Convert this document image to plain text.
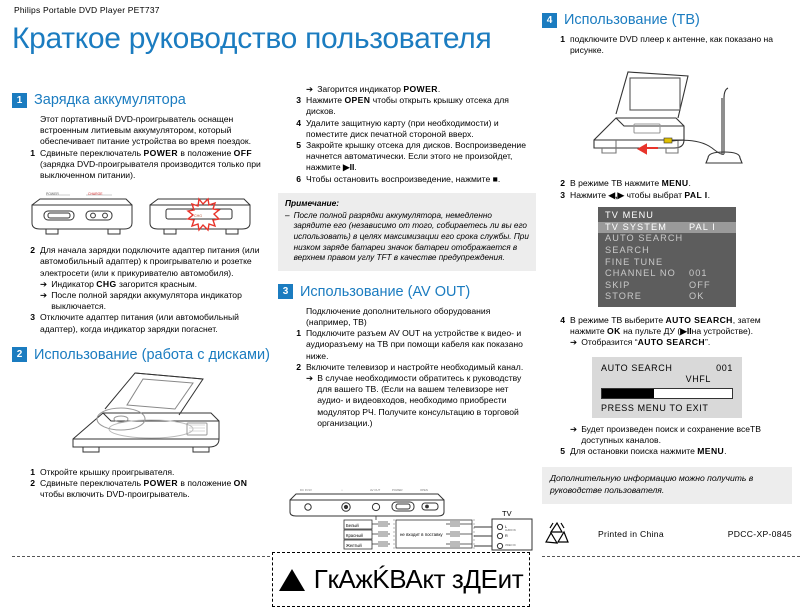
Philips Portable DVD Player PET737
Краткое руководство пользователя
1 Зарядка аккумулятора
Этот портативный DVD-проигрыватель оснащен встроенным литиевым аккумулятором, который обеспечивает питание устройства во время поездок.
1 Сдвиньте переключатель POWER в положение OFF (зарядка DVD-проигрывателя производится только при выключенном питании).
POWER	CHARGE
CHG
2 Для начала зарядки подключите адаптер питания (или автомобильный адаптер) к проигрывателю и розетке электросети (или к прикуривателю автомобиля).
➔ Индикатор CHG загорится красным.
➔ После полной зарядки аккумулятора индикатор выключается.
3 Отключите адаптер питания (или автомобильный адаптер), когда индикатор зарядки погаснет.
2 Использование (работа с дисками)
1 Откройте крышку проигрывателя.
2 Сдвиньте переключатель POWER в положение ON чтобы включить DVD-проигрыватель.
➔ Загорится индикатор POWER.
3 Нажмите OPEN чтобы открыть крышку отсека для дисков.
4 Удалите защитную карту (при необходимости) и поместите диск печатной стороной вверх.
5 Закройте крышку отсека для дисков. Воспроизведение начнется автоматически. Если этого не произойдет, нажмите ▶II.
6 Чтобы остановить воспроизведение, нажмите ■.
Примечание:
– После полной разрядки аккумулятора, немедленно зарядите его (независимо от того, собираетесь ли вы его использовать) в целях максимизации его срока службы. При низком заряде батареи значок батареи отображается в верхнем правом углу TFT в качестве предупреждения.
3 Использование (AV OUT)
Подключение дополнительного оборудования (например, ТВ)
1 Подключите разъем AV OUT на устройстве к видео- и аудиоразъему на ТВ при помощи кабеля как показано ниже.
2 Включите телевизор и настройте необходимый канал.
➔ В случае необходимости обратитесь к руководству для вашего ТВ. (Если на вашем телевизоре нет аудио- и видеовходов, необходимо приобрести модулятор РЧ. Получите консультацию в торговой организации.)
DC IN 9V	∩	AV OUT	POWER	OPEN
Белый
Красный
Желтый
не входит в поставку
L
R
AUDIO IN
VIDEO IN
TV
4 Использование (ТВ)
1 подключите DVD плеер к антенне, как показано на рисунке.
2 В режиме ТВ нажмите MENU.
3 Нажмите ◀,▶ чтобы выбрат PAL I.
TV MENU
TV SYSTEM	PAL I
AUTO SEARCH
SEARCH
FINE TUNE
CHANNEL NO	001
SKIP	OFF
STORE	OK
4 В режиме ТВ выберите AUTO SEARCH, затем нажмите OK на пульте ДУ (▶IIна устройстве).
➔ Отобразится “AUTO SEARCH”.
AUTO SEARCH	001
VHFL
PRESS MENU TO EXIT
➔ Будет произведен поиск и сохранение всеТВ доступных каналов.
5 Для остановки поиска нажмите MENU.
Дополнительную информацию можно получить в руководстве пользователя.
Printed in China	PDCC-XP-0845
ГкАжḰВАкт зДЕит
